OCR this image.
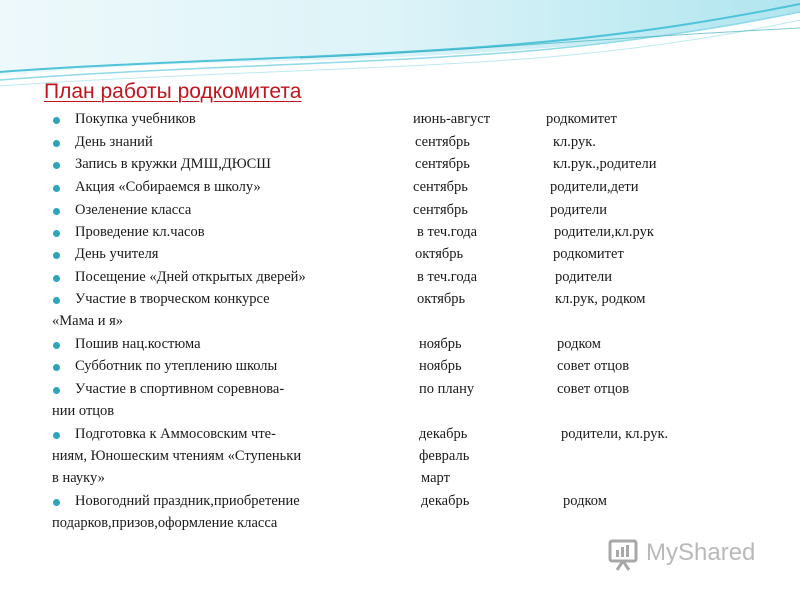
План работы родкомитета
Покупка учебников	июнь-август	родкомитет
День знаний	сентябрь	кл.рук.
Запись в кружки ДМШ,ДЮСШ	сентябрь	кл.рук.,родители
Акция «Собираемся в школу»	сентябрь	родители,дети
Озеленение класса	сентябрь	родители
Проведение кл.часов	в теч.года	родители,кл.рук
День учителя	октябрь	родкомитет
Посещение «Дней открытых дверей»	в теч.года	родители
Участие в творческом конкурсе	октябрь	кл.рук, родком
«Мама и я»
Пошив нац.костюма	ноябрь	родком
Субботник по утеплению школы	ноябрь	совет отцов
Участие в спортивном соревнова-	по плану	совет отцов
нии отцов
Подготовка к Аммосовским чте-	декабрь	родители, кл.рук.
ниям, Юношеским чтениям «Ступеньки	февраль
в науку»	март
Новогодний праздник,приобретение	декабрь	родком
подарков,призов,оформление класса
MyShared
